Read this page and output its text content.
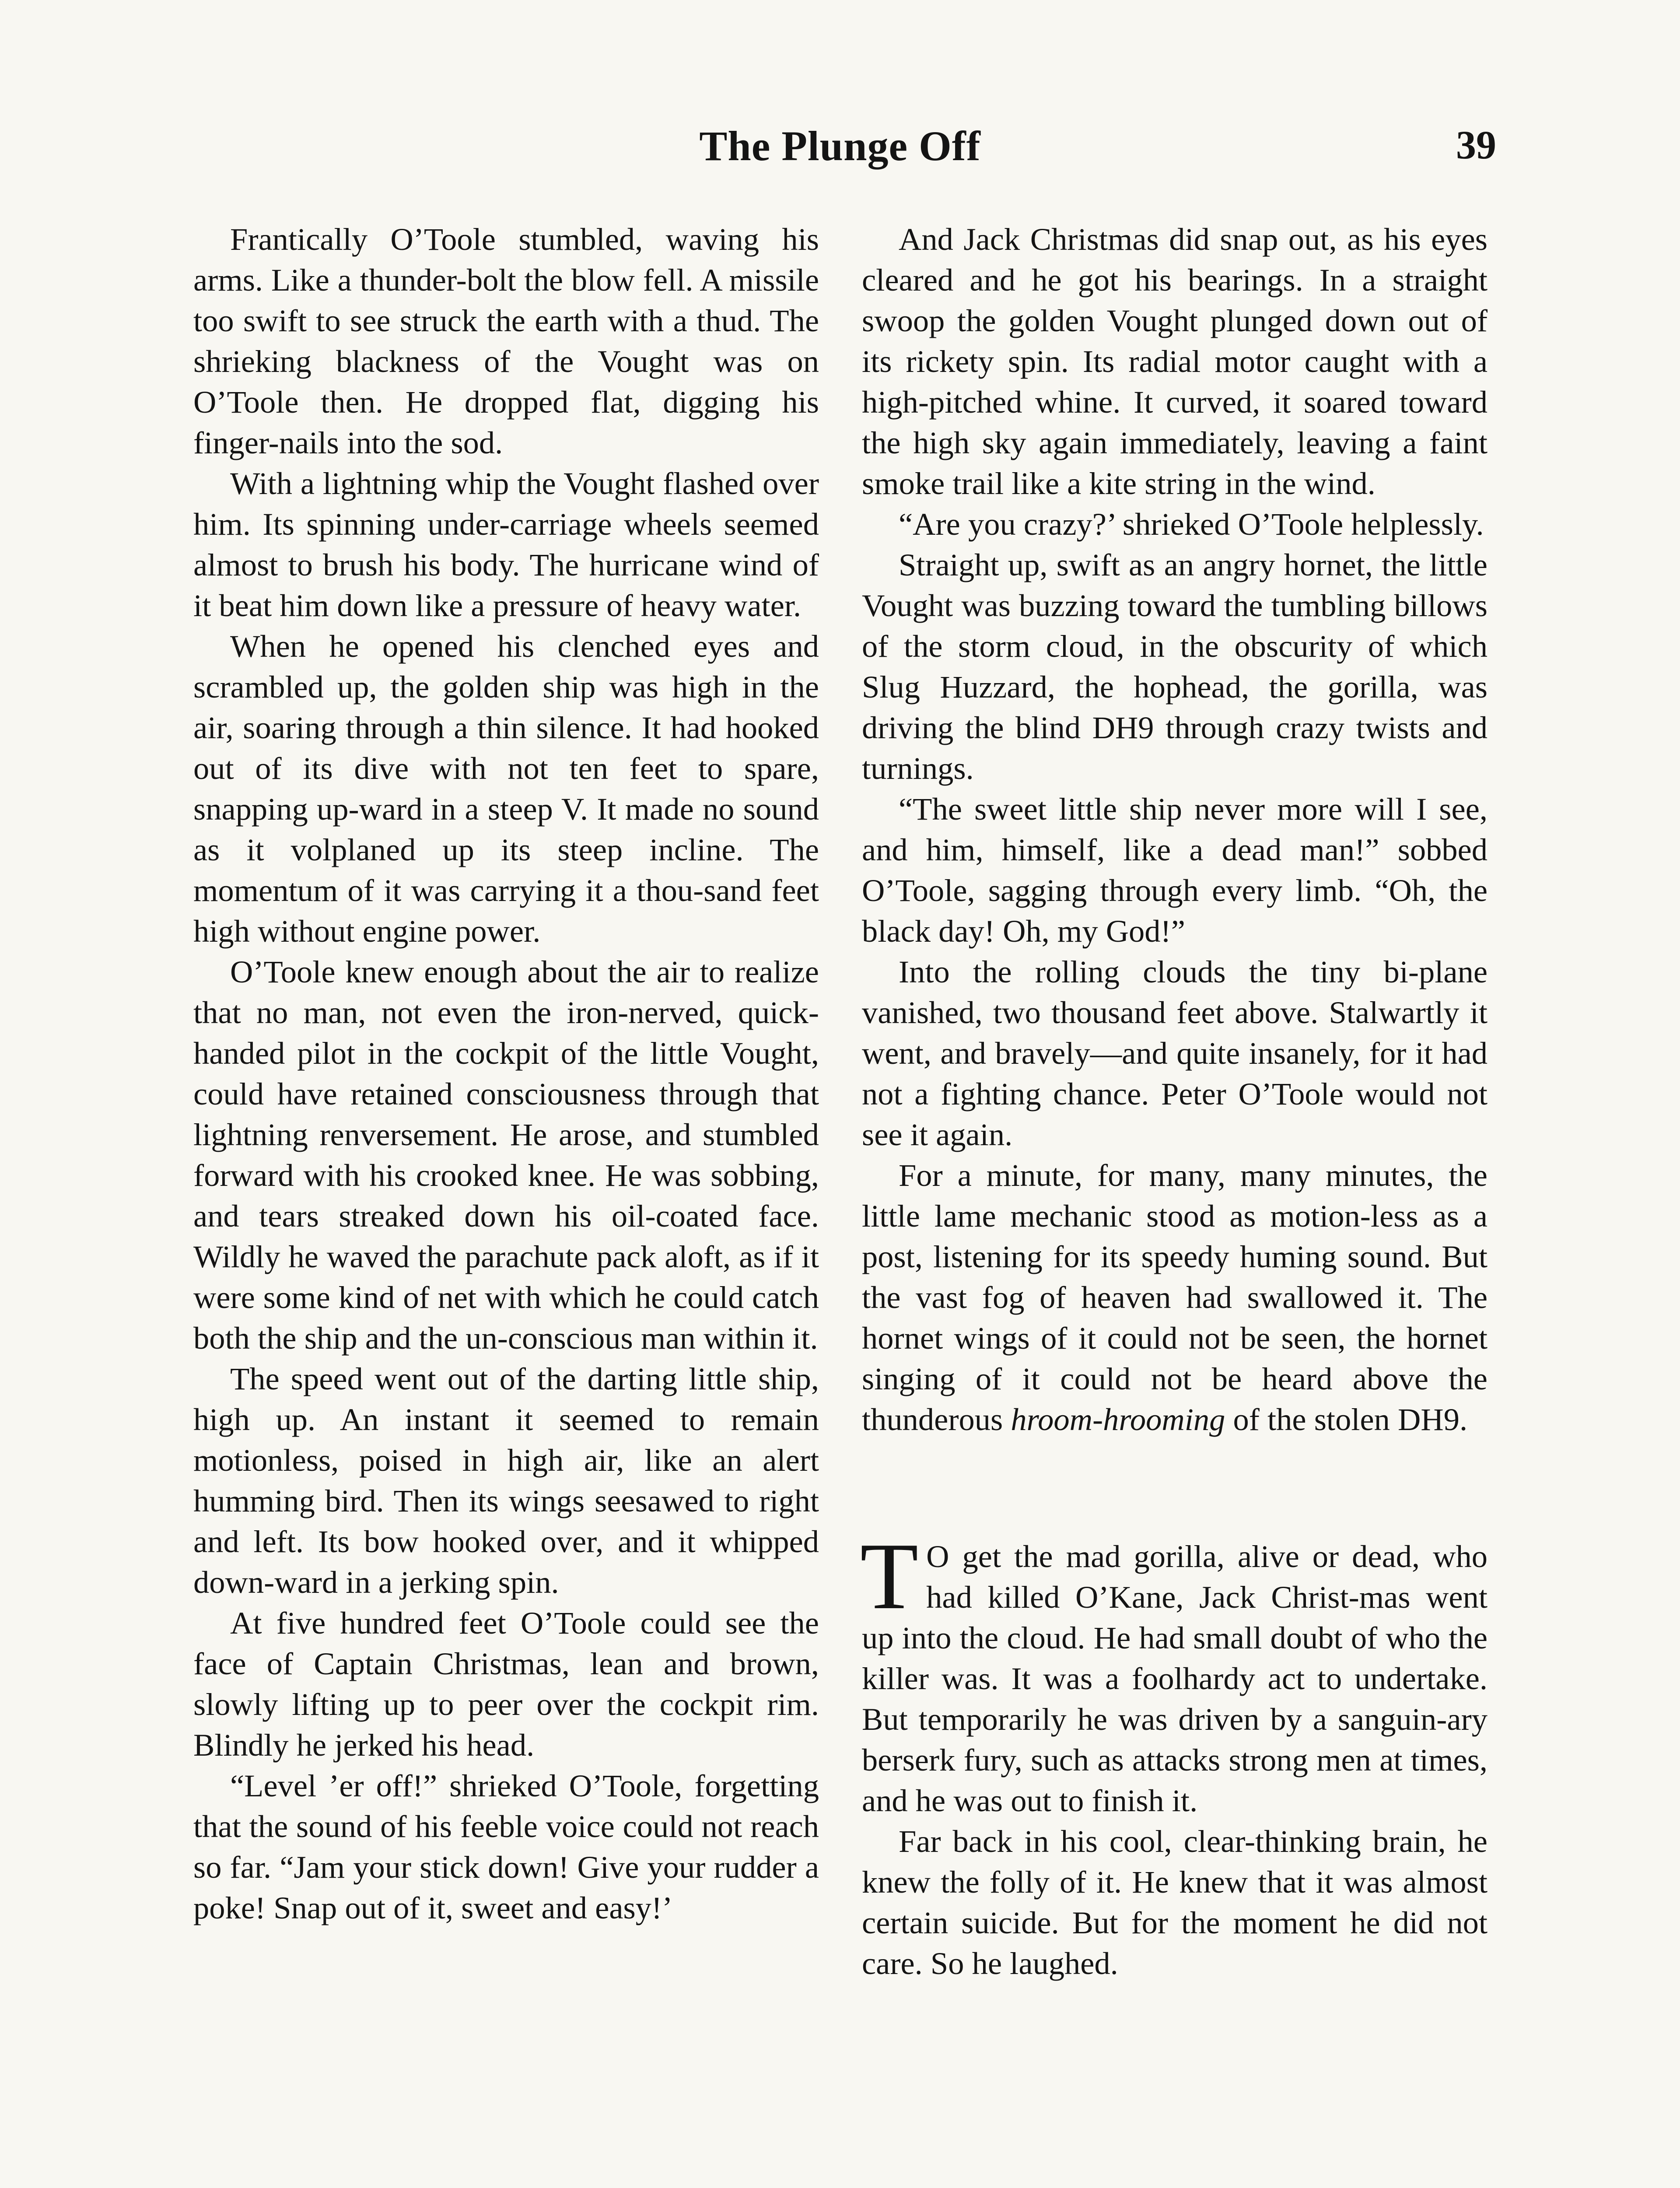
The Plunge Off	39

Frantically O’Toole stumbled, waving his arms. Like a thunder-bolt the blow fell. A missile too swift to see struck the earth with a thud. The shrieking blackness of the Vought was on O’Toole then. He dropped flat, digging his finger-nails into the sod.

With a lightning whip the Vought flashed over him. Its spinning under-carriage wheels seemed almost to brush his body. The hurricane wind of it beat him down like a pressure of heavy water.

When he opened his clenched eyes and scrambled up, the golden ship was high in the air, soaring through a thin silence. It had hooked out of its dive with not ten feet to spare, snapping up-ward in a steep V. It made no sound as it volplaned up its steep incline. The momentum of it was carrying it a thou-sand feet high without engine power.

O’Toole knew enough about the air to realize that no man, not even the iron-nerved, quick-handed pilot in the cockpit of the little Vought, could have retained consciousness through that lightning renversement. He arose, and stumbled forward with his crooked knee. He was sobbing, and tears streaked down his oil-coated face. Wildly he waved the parachute pack aloft, as if it were some kind of net with which he could catch both the ship and the un-conscious man within it.

The speed went out of the darting little ship, high up. An instant it seemed to remain motionless, poised in high air, like an alert humming bird. Then its wings seesawed to right and left. Its bow hooked over, and it whipped down-ward in a jerking spin.

At five hundred feet O’Toole could see the face of Captain Christmas, lean and brown, slowly lifting up to peer over the cockpit rim. Blindly he jerked his head.

“Level ’er off!” shrieked O’Toole, forgetting that the sound of his feeble voice could not reach so far. “Jam your stick down! Give your rudder a poke! Snap out of it, sweet and easy!’

And Jack Christmas did snap out, as his eyes cleared and he got his bearings. In a straight swoop the golden Vought plunged down out of its rickety spin. Its radial motor caught with a high-pitched whine. It curved, it soared toward the high sky again immediately, leaving a faint smoke trail like a kite string in the wind.

“Are you crazy?’ shrieked O’Toole helplessly.

Straight up, swift as an angry hornet, the little Vought was buzzing toward the tumbling billows of the storm cloud, in the obscurity of which Slug Huzzard, the hophead, the gorilla, was driving the blind DH9 through crazy twists and turnings.

“The sweet little ship never more will I see, and him, himself, like a dead man!” sobbed O’Toole, sagging through every limb. “Oh, the black day! Oh, my God!”

Into the rolling clouds the tiny bi-plane vanished, two thousand feet above. Stalwartly it went, and bravely—and quite insanely, for it had not a fighting chance. Peter O’Toole would not see it again.

For a minute, for many, many minutes, the little lame mechanic stood as motion-less as a post, listening for its speedy huming sound. But the vast fog of heaven had swallowed it. The hornet wings of it could not be seen, the hornet singing of it could not be heard above the thunderous hroom-hrooming of the stolen DH9.

T O get the mad gorilla, alive or dead, who had killed O’Kane, Jack Christ-mas went up into the cloud. He had small doubt of who the killer was. It was a foolhardy act to undertake. But temporarily he was driven by a sanguin-ary berserk fury, such as attacks strong men at times, and he was out to finish it.

Far back in his cool, clear-thinking brain, he knew the folly of it. He knew that it was almost certain suicide. But for the moment he did not care. So he laughed.
